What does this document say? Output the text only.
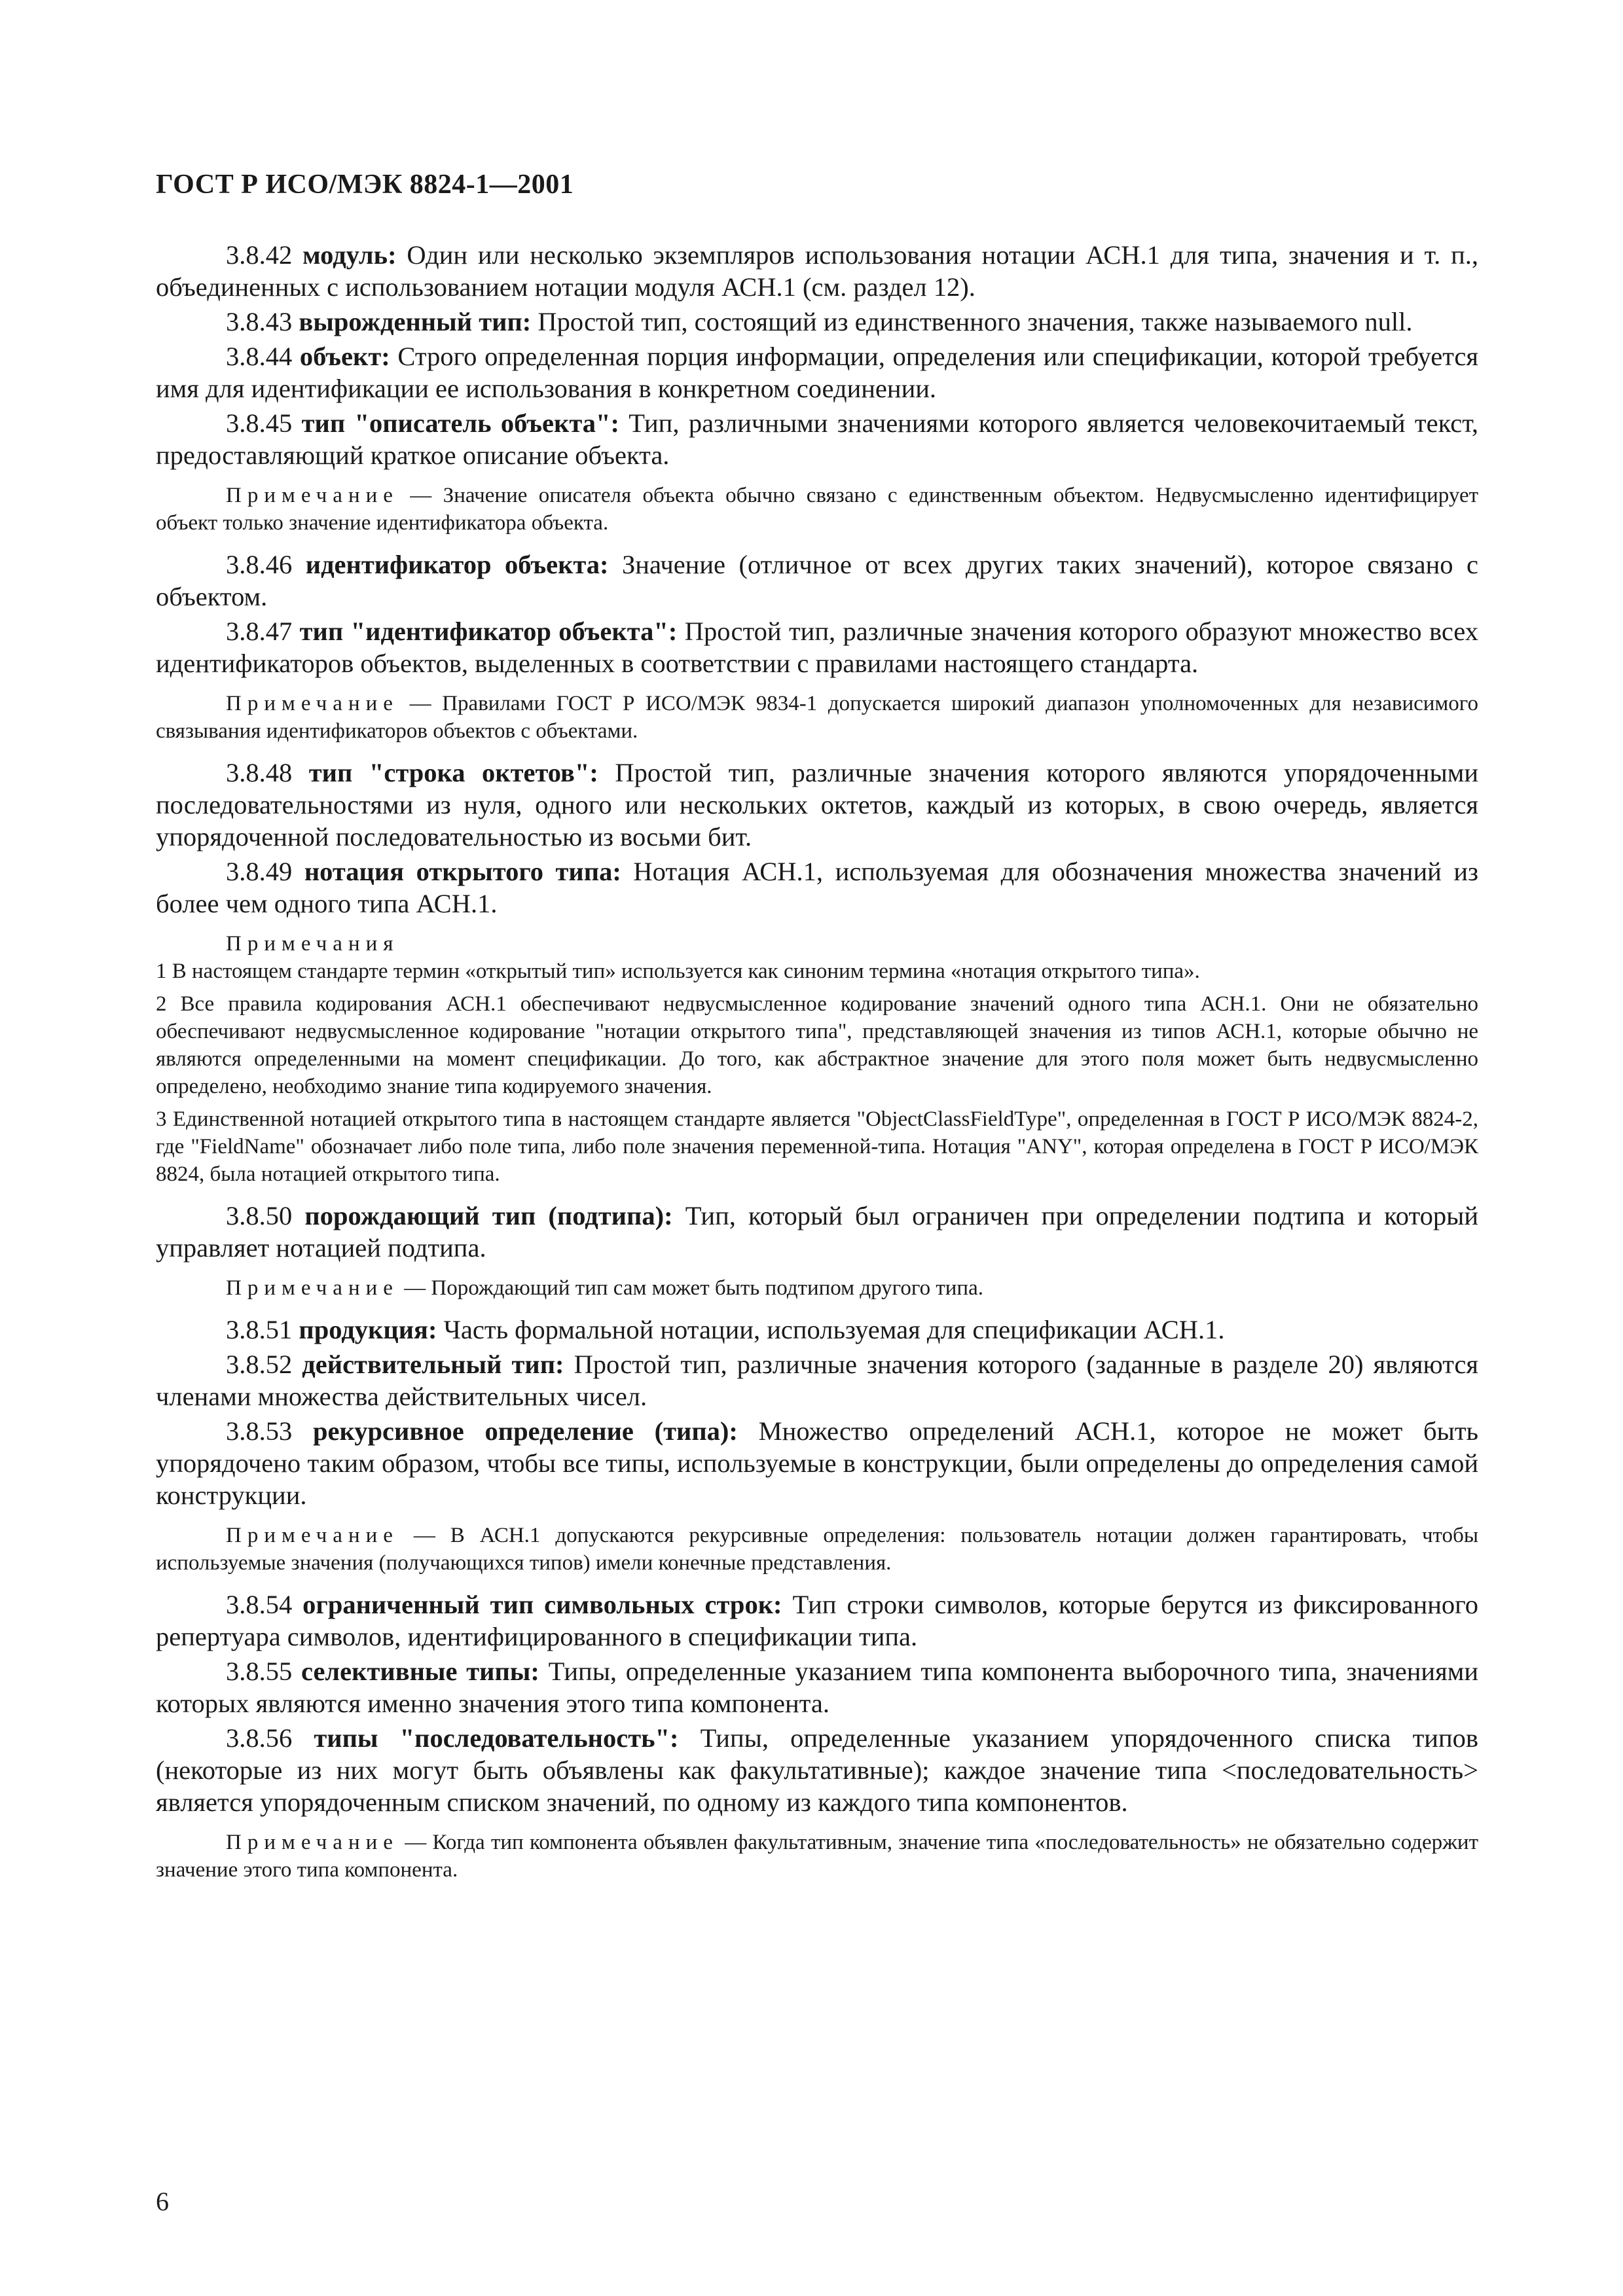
ГОСТ Р ИСО/МЭК 8824-1—2001

3.8.42 модуль: Один или несколько экземпляров использования нотации АСН.1 для типа, значения и т. п., объединенных с использованием нотации модуля АСН.1 (см. раздел 12).

3.8.43 вырожденный тип: Простой тип, состоящий из единственного значения, также называемого null.

3.8.44 объект: Строго определенная порция информации, определения или спецификации, которой требуется имя для идентификации ее использования в конкретном соединении.

3.8.45 тип "описатель объекта": Тип, различными значениями которого является человекочитаемый текст, предоставляющий краткое описание объекта.

Примечание — Значение описателя объекта обычно связано с единственным объектом. Недвусмысленно идентифицирует объект только значение идентификатора объекта.

3.8.46 идентификатор объекта: Значение (отличное от всех других таких значений), которое связано с объектом.

3.8.47 тип "идентификатор объекта": Простой тип, различные значения которого образуют множество всех идентификаторов объектов, выделенных в соответствии с правилами настоящего стандарта.

Примечание — Правилами ГОСТ Р ИСО/МЭК 9834-1 допускается широкий диапазон уполномоченных для независимого связывания идентификаторов объектов с объектами.

3.8.48 тип "строка октетов": Простой тип, различные значения которого являются упорядоченными последовательностями из нуля, одного или нескольких октетов, каждый из которых, в свою очередь, является упорядоченной последовательностью из восьми бит.

3.8.49 нотация открытого типа: Нотация АСН.1, используемая для обозначения множества значений из более чем одного типа АСН.1.

Примечания

1 В настоящем стандарте термин «открытый тип» используется как синоним термина «нотация открытого типа».

2 Все правила кодирования АСН.1 обеспечивают недвусмысленное кодирование значений одного типа АСН.1. Они не обязательно обеспечивают недвусмысленное кодирование "нотации открытого типа", представляющей значения из типов АСН.1, которые обычно не являются определенными на момент спецификации. До того, как абстрактное значение для этого поля может быть недвусмысленно определено, необходимо знание типа кодируемого значения.

3 Единственной нотацией открытого типа в настоящем стандарте является "ObjectClassFieldType", определенная в ГОСТ Р ИСО/МЭК 8824-2, где "FieldName" обозначает либо поле типа, либо поле значения переменной-типа. Нотация "ANY", которая определена в ГОСТ Р ИСО/МЭК 8824, была нотацией открытого типа.

3.8.50 порождающий тип (подтипа): Тип, который был ограничен при определении подтипа и который управляет нотацией подтипа.

Примечание — Порождающий тип сам может быть подтипом другого типа.

3.8.51 продукция: Часть формальной нотации, используемая для спецификации АСН.1.

3.8.52 действительный тип: Простой тип, различные значения которого (заданные в разделе 20) являются членами множества действительных чисел.

3.8.53 рекурсивное определение (типа): Множество определений АСН.1, которое не может быть упорядочено таким образом, чтобы все типы, используемые в конструкции, были определены до определения самой конструкции.

Примечание — В АСН.1 допускаются рекурсивные определения: пользователь нотации должен гарантировать, чтобы используемые значения (получающихся типов) имели конечные представления.

3.8.54 ограниченный тип символьных строк: Тип строки символов, которые берутся из фиксированного репертуара символов, идентифицированного в спецификации типа.

3.8.55 селективные типы: Типы, определенные указанием типа компонента выборочного типа, значениями которых являются именно значения этого типа компонента.

3.8.56 типы "последовательность": Типы, определенные указанием упорядоченного списка типов (некоторые из них могут быть объявлены как факультативные); каждое значение типа <последовательность> является упорядоченным списком значений, по одному из каждого типа компонентов.

Примечание — Когда тип компонента объявлен факультативным, значение типа «последовательность» не обязательно содержит значение этого типа компонента.

6
